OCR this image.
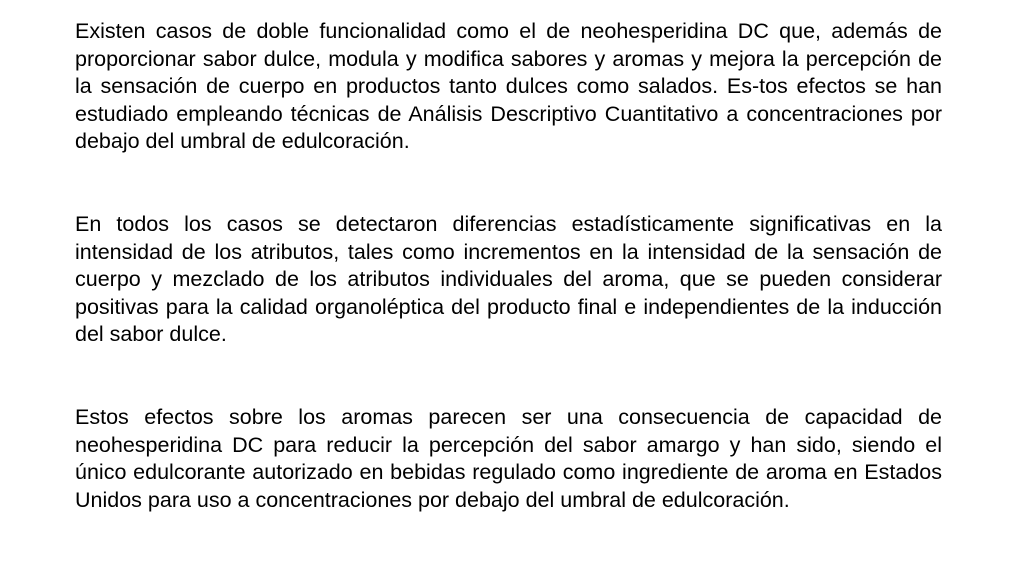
Existen casos de doble funcionalidad como el de neohesperidina DC que, además de proporcionar sabor dulce, modula y modifica sabores y aromas y mejora la percepción de la sensación de cuerpo en productos tanto dulces como salados. Es-tos efectos se han estudiado empleando técnicas de Análisis Descriptivo Cuantitativo a concentraciones por debajo del umbral de edulcoración.

En todos los casos se detectaron diferencias estadísticamente significativas en la intensidad de los atributos, tales como incrementos en la intensidad de la sensación de cuerpo y mezclado de los atributos individuales del aroma, que se pueden considerar positivas para la calidad organoléptica del producto final e independientes de la inducción del sabor dulce.

Estos efectos sobre los aromas parecen ser una consecuencia de capacidad de neohesperidina DC para reducir la percepción del sabor amargo y han sido, siendo el único edulcorante autorizado en bebidas regulado como ingrediente de aroma en Estados Unidos para uso a concentraciones por debajo del umbral de edulcoración.
